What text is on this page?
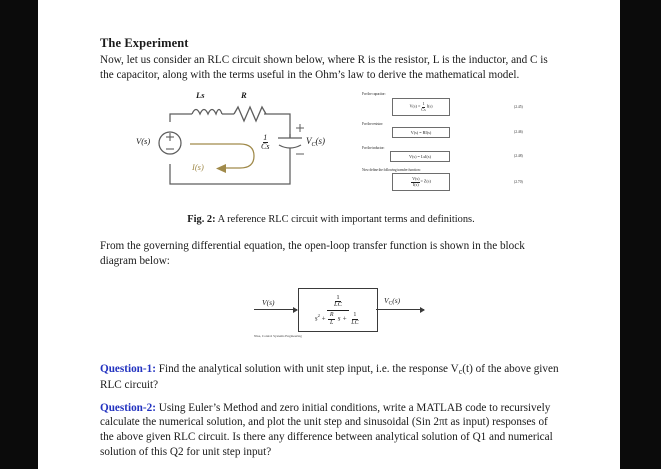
The Experiment

Now, let us consider an RLC circuit shown below, where R is the resistor, L is the inductor, and C is the capacitor, along with the terms useful in the Ohm’s law to derive the mathematical model.

Ls	R
V(s)	$\frac{1}{Cs}$	$V_C(s)$
I(s)
For the capacitor:
$V(s) = \frac{1}{Cs} I(s)$	(2.45)
For the resistor:
V(s) = RI(s)	(2.46)
For the inductor:
V(s) = LsI(s)	(2.48)
Now define the following transfer function:
$\frac{V(s)}{I(s)} = Z(s)$	(2.70)

Fig. 2: A reference RLC circuit with important terms and definitions.

From the governing differential equation, the open-loop transfer function is shown in the block diagram below:

V(s)	$\frac{1}{LC}$
$s^2 + \frac{R}{L}$ $s + \frac{1}{LC}$
$V_C(s)$
Nise, Control Systems Engineering

Question-1: Find the analytical solution with unit step input, i.e. the response Vc(t) of the above given RLC circuit?

Question-2: Using Euler’s Method and zero initial conditions, write a MATLAB code to recursively calculate the numerical solution, and plot the unit step and sinusoidal (Sin 2πt as input) responses of the above given RLC circuit. Is there any difference between analytical solution of Q1 and numerical solution of this Q2 for unit step input?
